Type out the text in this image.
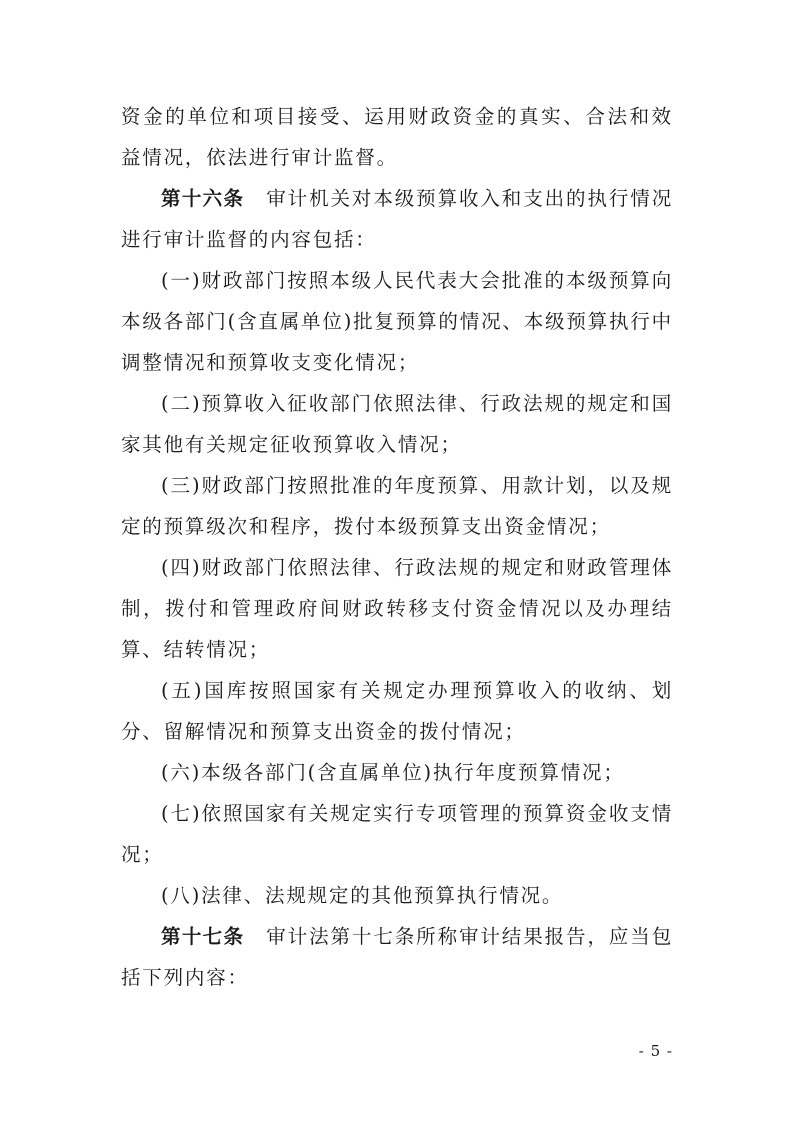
资金的单位和项目接受、运用财政资金的真实、合法和效益情况，依法进行审计监督。

第十六条 审计机关对本级预算收入和支出的执行情况进行审计监督的内容包括：

(一)财政部门按照本级人民代表大会批准的本级预算向本级各部门(含直属单位)批复预算的情况、本级预算执行中调整情况和预算收支变化情况；

(二)预算收入征收部门依照法律、行政法规的规定和国家其他有关规定征收预算收入情况；

(三)财政部门按照批准的年度预算、用款计划，以及规定的预算级次和程序，拨付本级预算支出资金情况；

(四)财政部门依照法律、行政法规的规定和财政管理体制，拨付和管理政府间财政转移支付资金情况以及办理结算、结转情况；

(五)国库按照国家有关规定办理预算收入的收纳、划分、留解情况和预算支出资金的拨付情况；

(六)本级各部门(含直属单位)执行年度预算情况；

(七)依照国家有关规定实行专项管理的预算资金收支情况；

(八)法律、法规规定的其他预算执行情况。

第十七条 审计法第十七条所称审计结果报告，应当包括下列内容：

- 5 -
